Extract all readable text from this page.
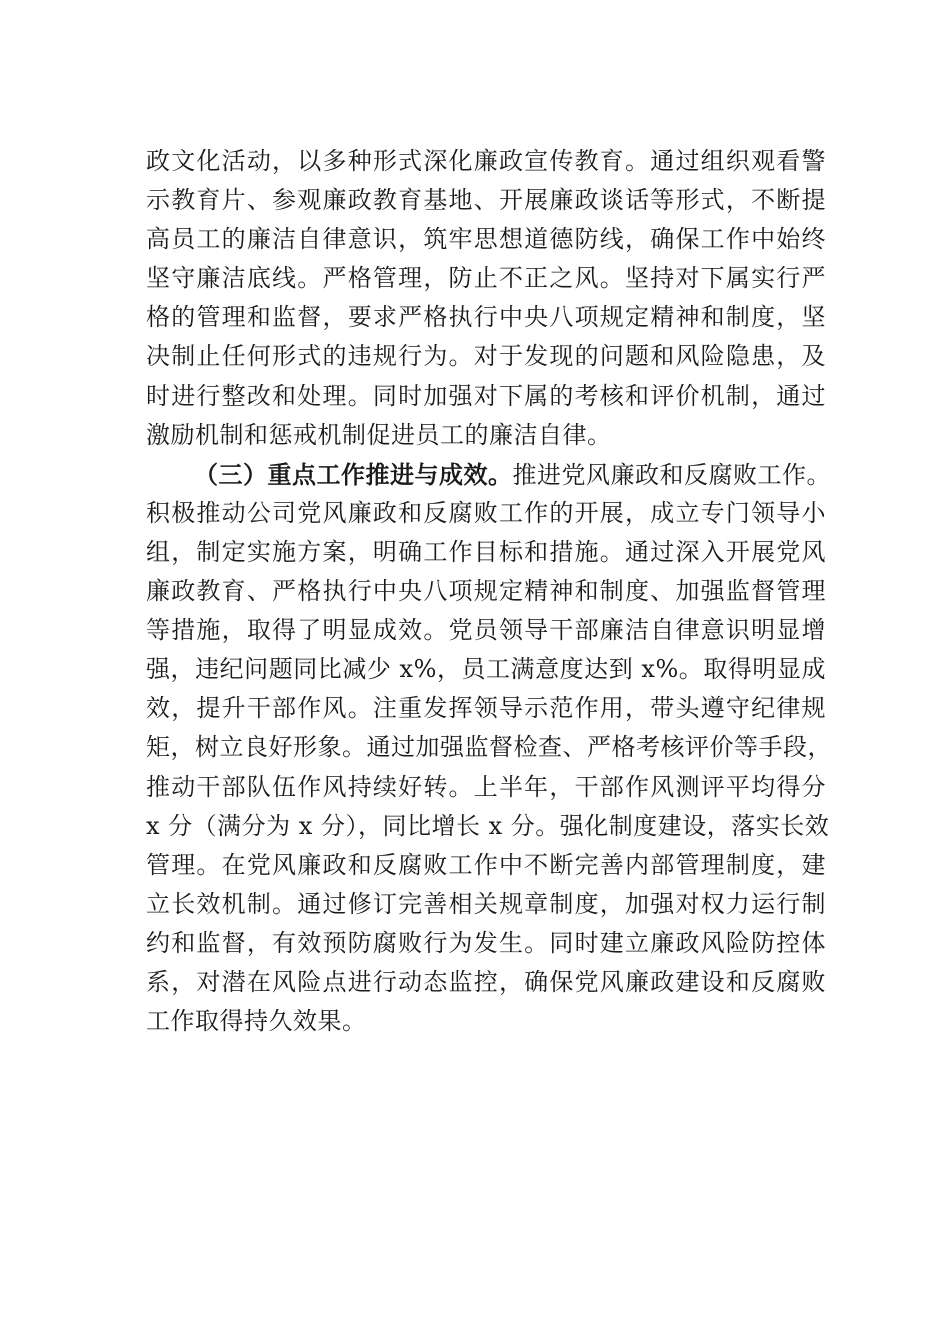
政文化活动，以多种形式深化廉政宣传教育。通过组织观看警
示教育片、参观廉政教育基地、开展廉政谈话等形式，不断提
高员工的廉洁自律意识，筑牢思想道德防线，确保工作中始终
坚守廉洁底线。严格管理，防止不正之风。坚持对下属实行严
格的管理和监督，要求严格执行中央八项规定精神和制度，坚
决制止任何形式的违规行为。对于发现的问题和风险隐患，及
时进行整改和处理。同时加强对下属的考核和评价机制，通过
激励机制和惩戒机制促进员工的廉洁自律。
（三）重点工作推进与成效。推进党风廉政和反腐败工作。
积极推动公司党风廉政和反腐败工作的开展，成立专门领导小
组，制定实施方案，明确工作目标和措施。通过深入开展党风
廉政教育、严格执行中央八项规定精神和制度、加强监督管理
等措施，取得了明显成效。党员领导干部廉洁自律意识明显增
强，违纪问题同比减少 x%，员工满意度达到 x%。取得明显成
效，提升干部作风。注重发挥领导示范作用，带头遵守纪律规
矩，树立良好形象。通过加强监督检查、严格考核评价等手段，
推动干部队伍作风持续好转。上半年，干部作风测评平均得分
x 分（满分为 x 分），同比增长 x 分。强化制度建设，落实长效
管理。在党风廉政和反腐败工作中不断完善内部管理制度，建
立长效机制。通过修订完善相关规章制度，加强对权力运行制
约和监督，有效预防腐败行为发生。同时建立廉政风险防控体
系，对潜在风险点进行动态监控，确保党风廉政建设和反腐败
工作取得持久效果。
